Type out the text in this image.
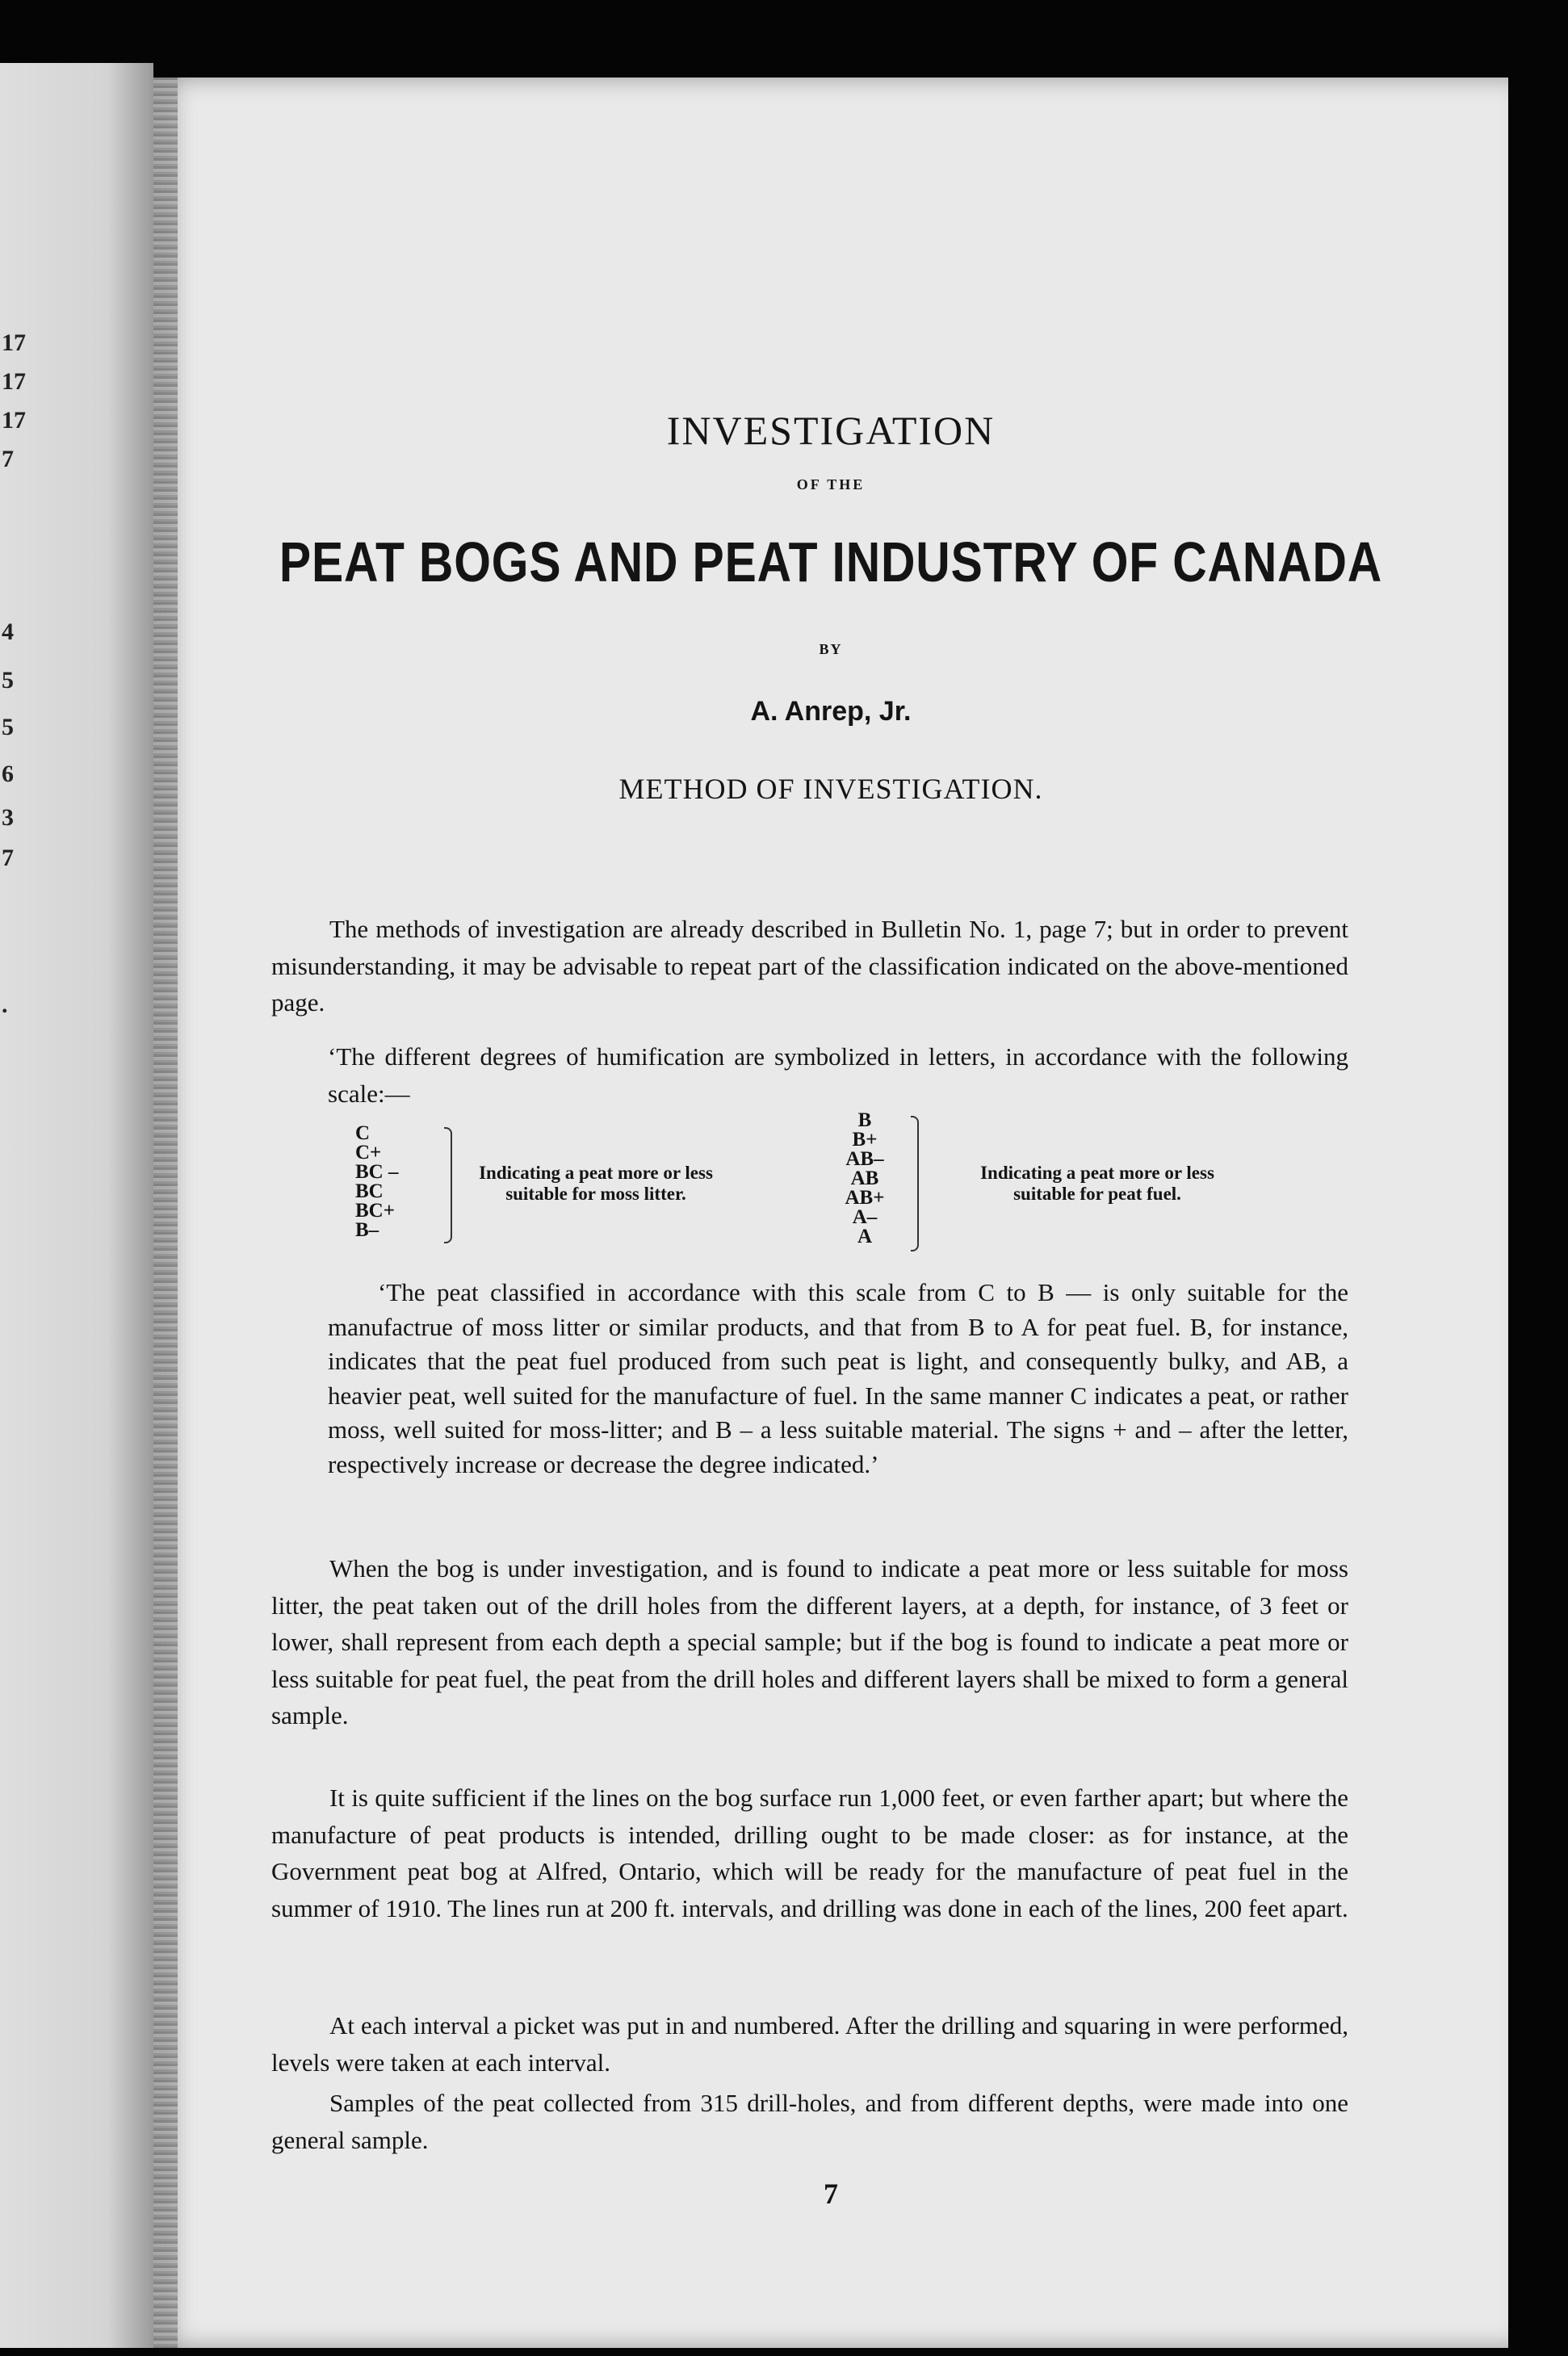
17
17
17
7
4
5
5
6
3
7
.
INVESTIGATION
OF THE
PEAT BOGS AND PEAT INDUSTRY OF CANADA
BY
A. Anrep, Jr.
METHOD OF INVESTIGATION.

The methods of investigation are already described in Bulletin No. 1, page 7; but in order to prevent misunderstanding, it may be advisable to repeat part of the classification indicated on the above-mentioned page.

‘The different degrees of humification are symbolized in letters, in accordance with the following scale:—

C
C+
BC –
BC
BC+
B–
Indicating a peat more or less
suitable for moss litter.
B
B+
AB–
AB
AB+
A–
A
Indicating a peat more or less
suitable for peat fuel.

‘The peat classified in accordance with this scale from C to B — is only suitable for the manufactrue of moss litter or similar products, and that from B to A for peat fuel. B, for instance, indicates that the peat fuel produced from such peat is light, and consequently bulky, and AB, a heavier peat, well suited for the manufacture of fuel. In the same manner C indicates a peat, or rather moss, well suited for moss-litter; and B – a less suitable material. The signs + and – after the letter, respectively increase or decrease the degree indicated.’

When the bog is under investigation, and is found to indicate a peat more or less suitable for moss litter, the peat taken out of the drill holes from the different layers, at a depth, for instance, of 3 feet or lower, shall represent from each depth a special sample; but if the bog is found to indicate a peat more or less suitable for peat fuel, the peat from the drill holes and different layers shall be mixed to form a general sample.

It is quite sufficient if the lines on the bog surface run 1,000 feet, or even farther apart; but where the manufacture of peat products is intended, drilling ought to be made closer: as for instance, at the Government peat bog at Alfred, Ontario, which will be ready for the manufacture of peat fuel in the summer of 1910. The lines run at 200 ft. intervals, and drilling was done in each of the lines, 200 feet apart.

At each interval a picket was put in and numbered. After the drilling and squaring in were performed, levels were taken at each interval.

Samples of the peat collected from 315 drill-holes, and from different depths, were made into one general sample.

7
